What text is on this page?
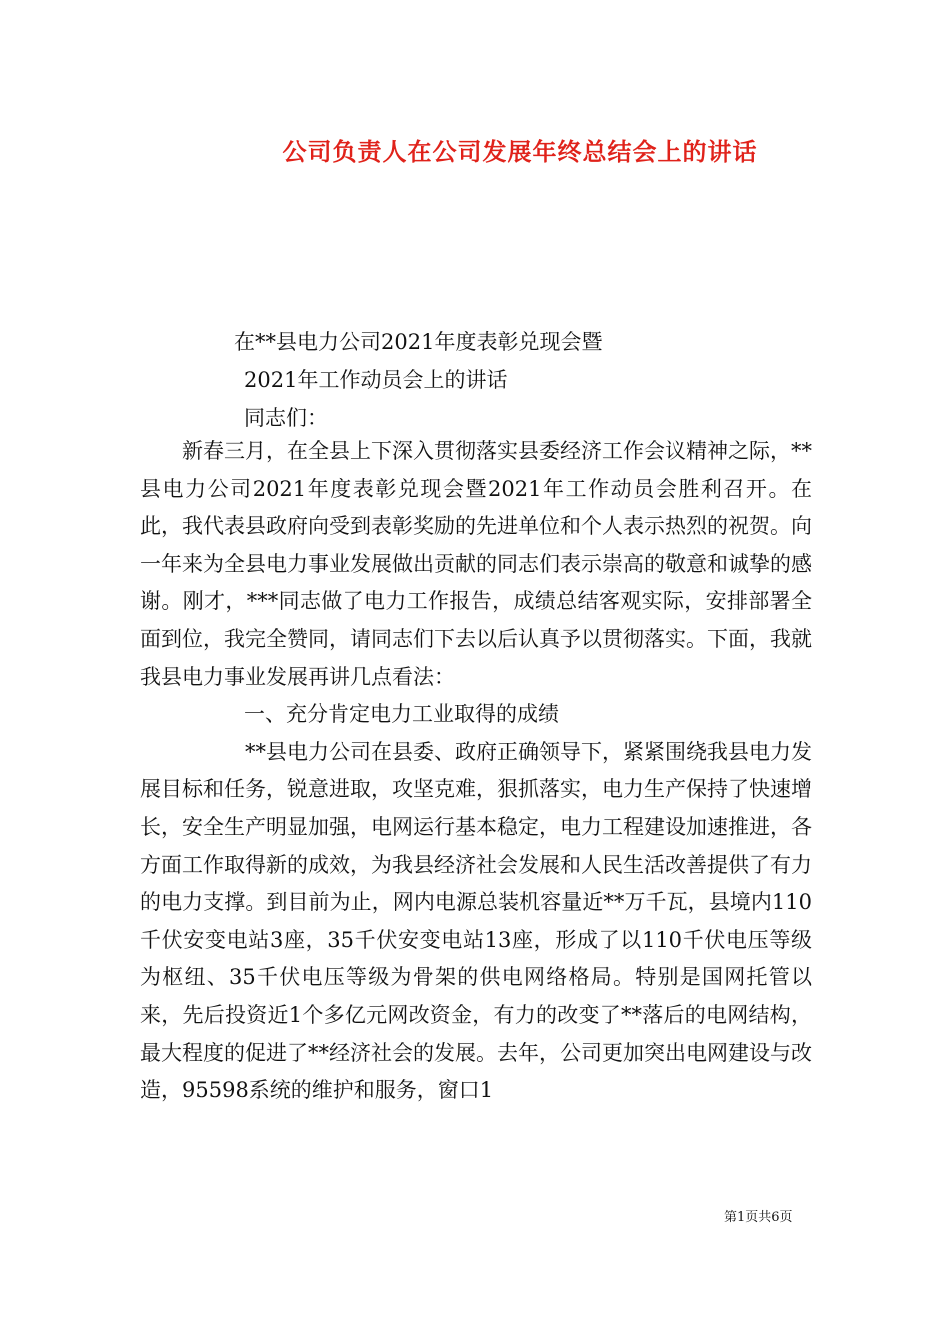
公司负责人在公司发展年终总结会上的讲话
在**县电力公司2021年度表彰兑现会暨
2021年工作动员会上的讲话
同志们：

新春三月，在全县上下深入贯彻落实县委经济工作会议精神之际，**县电力公司2021年度表彰兑现会暨2021年工作动员会胜利召开。在此，我代表县政府向受到表彰奖励的先进单位和个人表示热烈的祝贺。向一年来为全县电力事业发展做出贡献的同志们表示崇高的敬意和诚挚的感谢。刚才，***同志做了电力工作报告，成绩总结客观实际，安排部署全面到位，我完全赞同，请同志们下去以后认真予以贯彻落实。下面，我就我县电力事业发展再讲几点看法：

一、充分肯定电力工业取得的成绩

**县电力公司在县委、政府正确领导下，紧紧围绕我县电力发展目标和任务，锐意进取，攻坚克难，狠抓落实，电力生产保持了快速增长，安全生产明显加强，电网运行基本稳定，电力工程建设加速推进，各方面工作取得新的成效，为我县经济社会发展和人民生活改善提供了有力的电力支撑。到目前为止，网内电源总装机容量近**万千瓦，县境内110千伏安变电站3座，35千伏安变电站13座，形成了以110千伏电压等级为枢纽、35千伏电压等级为骨架的供电网络格局。特别是国网托管以来，先后投资近1个多亿元网改资金，有力的改变了**落后的电网结构，最大程度的促进了**经济社会的发展。去年，公司更加突出电网建设与改造，95598系统的维护和服务，窗口1

第1页共6页
